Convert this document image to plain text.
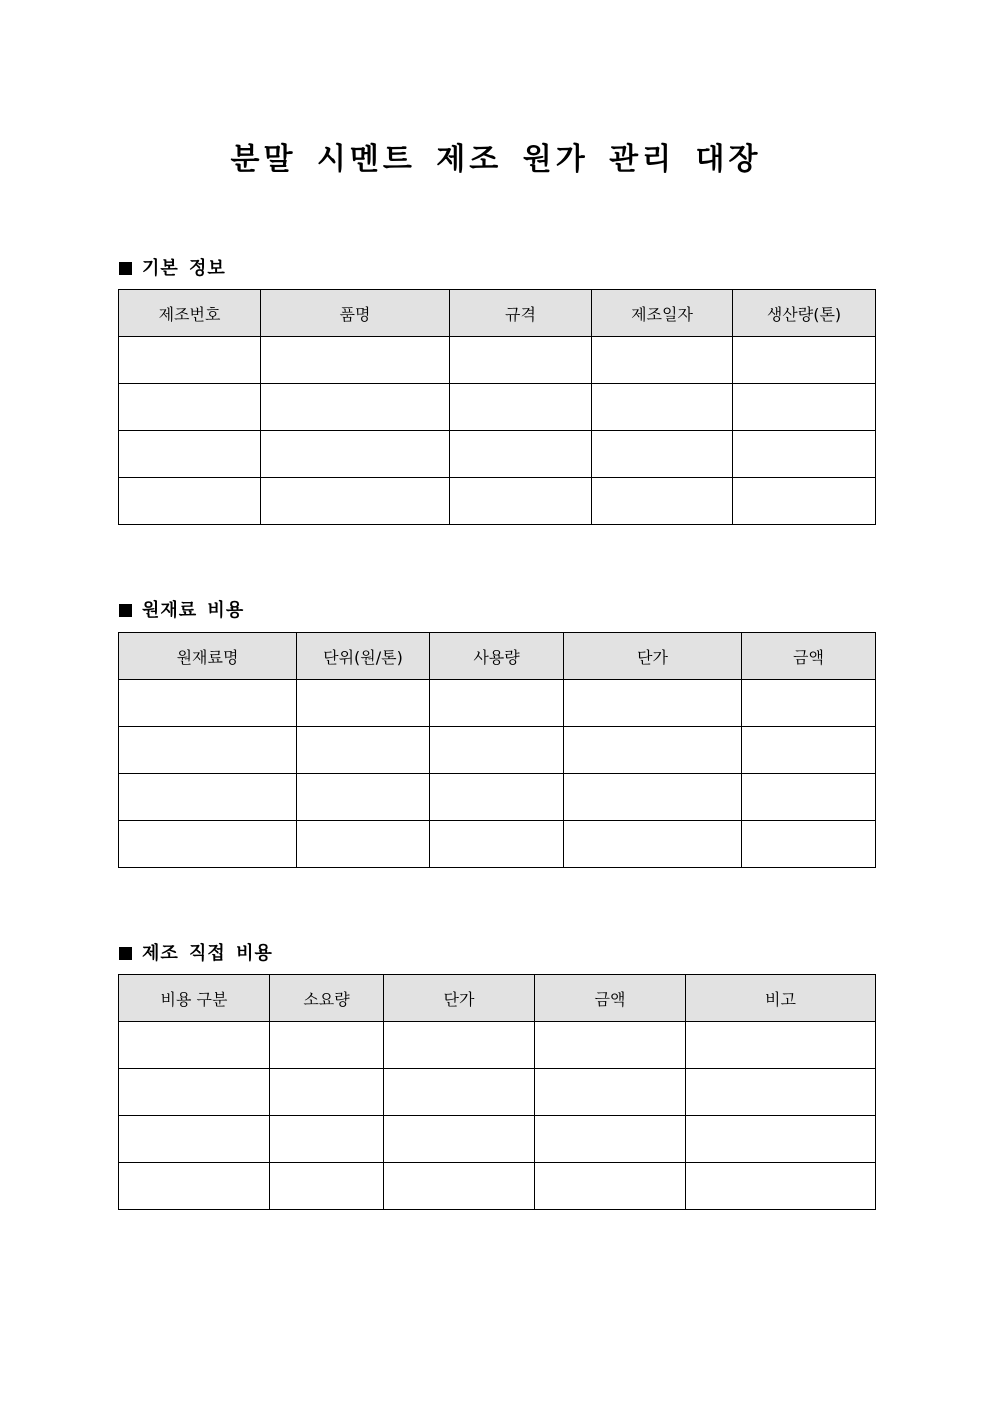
분말 시멘트 제조 원가 관리 대장
기본 정보
제조번호	품명	규격	제조일자	생산량(톤)

원재료 비용
원재료명	단위(원/톤)	사용량	단가	금액

제조 직접 비용
비용 구분	소요량	단가	금액	비고
